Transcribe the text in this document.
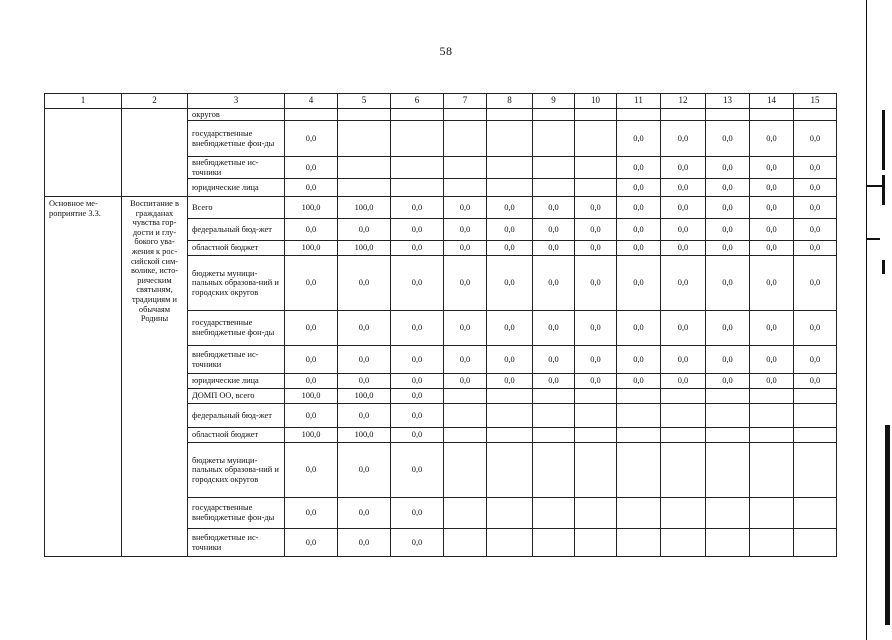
58
1	2	3	4	5	6	7	8	9	10	11	12	13	14	15
		округов												
		государственные внебюджетные фон-ды	0,0							0,0	0,0	0,0	0,0	0,0
		внебюджетные ис-точники	0,0							0,0	0,0	0,0	0,0	0,0
		юридические лица	0,0							0,0	0,0	0,0	0,0	0,0
Основное ме-роприятие 3.3.	Воспитание в гражданах чувства гор-дости и глу-бокого ува-жения к рос-сийской сим-волике, исто-рическим святыням, традициям и обычаям Родины	Всего	100,0	100,0	0,0	0,0	0,0	0,0	0,0	0,0	0,0	0,0	0,0	0,0
		федеральный бюд-жет	0,0	0,0	0,0	0,0	0,0	0,0	0,0	0,0	0,0	0,0	0,0	0,0
		областной бюджет	100,0	100,0	0,0	0,0	0,0	0,0	0,0	0,0	0,0	0,0	0,0	0,0
		бюджеты муници-пальных образова-ний и городских округов	0,0	0,0	0,0	0,0	0,0	0,0	0,0	0,0	0,0	0,0	0,0	0,0
		государственные внебюджетные фон-ды	0,0	0,0	0,0	0,0	0,0	0,0	0,0	0,0	0,0	0,0	0,0	0,0
		внебюджетные ис-точники	0,0	0,0	0,0	0,0	0,0	0,0	0,0	0,0	0,0	0,0	0,0	0,0
		юридические лица	0,0	0,0	0,0	0,0	0,0	0,0	0,0	0,0	0,0	0,0	0,0	0,0
		ДОМП ОО, всего	100,0	100,0	0,0									
		федеральный бюд-жет	0,0	0,0	0,0									
		областной бюджет	100,0	100,0	0,0									
		бюджеты муници-пальных образова-ний и городских округов	0,0	0,0	0,0									
		государственные внебюджетные фон-ды	0,0	0,0	0,0									
		внебюджетные ис-точники	0,0	0,0	0,0									
